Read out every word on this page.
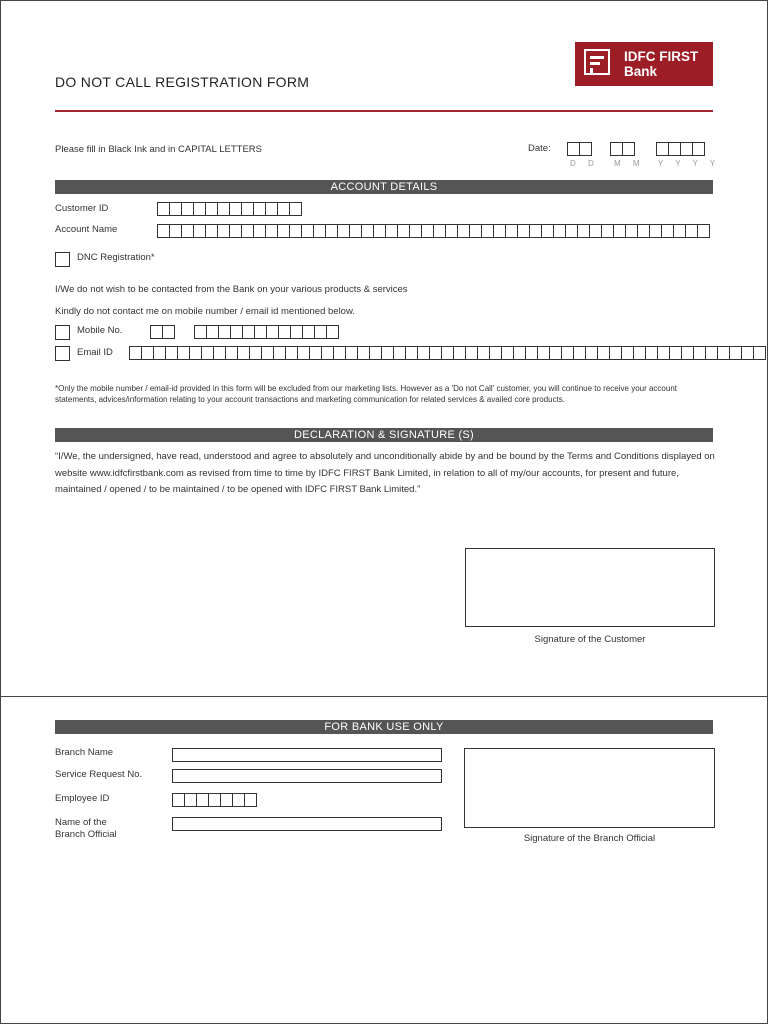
DO NOT CALL REGISTRATION FORM
IDFC FIRST
Bank
Please fill in Black Ink and in CAPITAL LETTERS	Date:
D D M M Y Y Y Y
ACCOUNT DETAILS
Customer ID
Account Name
DNC Registration*
I/We do not wish to be contacted from the Bank on your various products & services
Kindly do not contact me on mobile number / email id mentioned below.
Mobile No.
Email ID
*Only the mobile number / email-id provided in this form will be excluded from our marketing lists. However as a 'Do not Call' customer, you will continue to receive your account statements, advices/information relating to your account transactions and marketing communication for related services & availed core products.
DECLARATION & SIGNATURE (S)
“I/We, the undersigned, have read, understood and agree to absolutely and unconditionally abide by and be bound by the Terms and Conditions displayed on website www.idfcfirstbank.com as revised from time to time by IDFC FIRST Bank Limited, in relation to all of my/our accounts, for present and future, maintained / opened / to be maintained / to be opened with IDFC FIRST Bank Limited.”
Signature of the Customer
FOR BANK USE ONLY
Branch Name
Service Request No.
Employee ID
Name of the
Branch Official	Signature of the Branch Official
